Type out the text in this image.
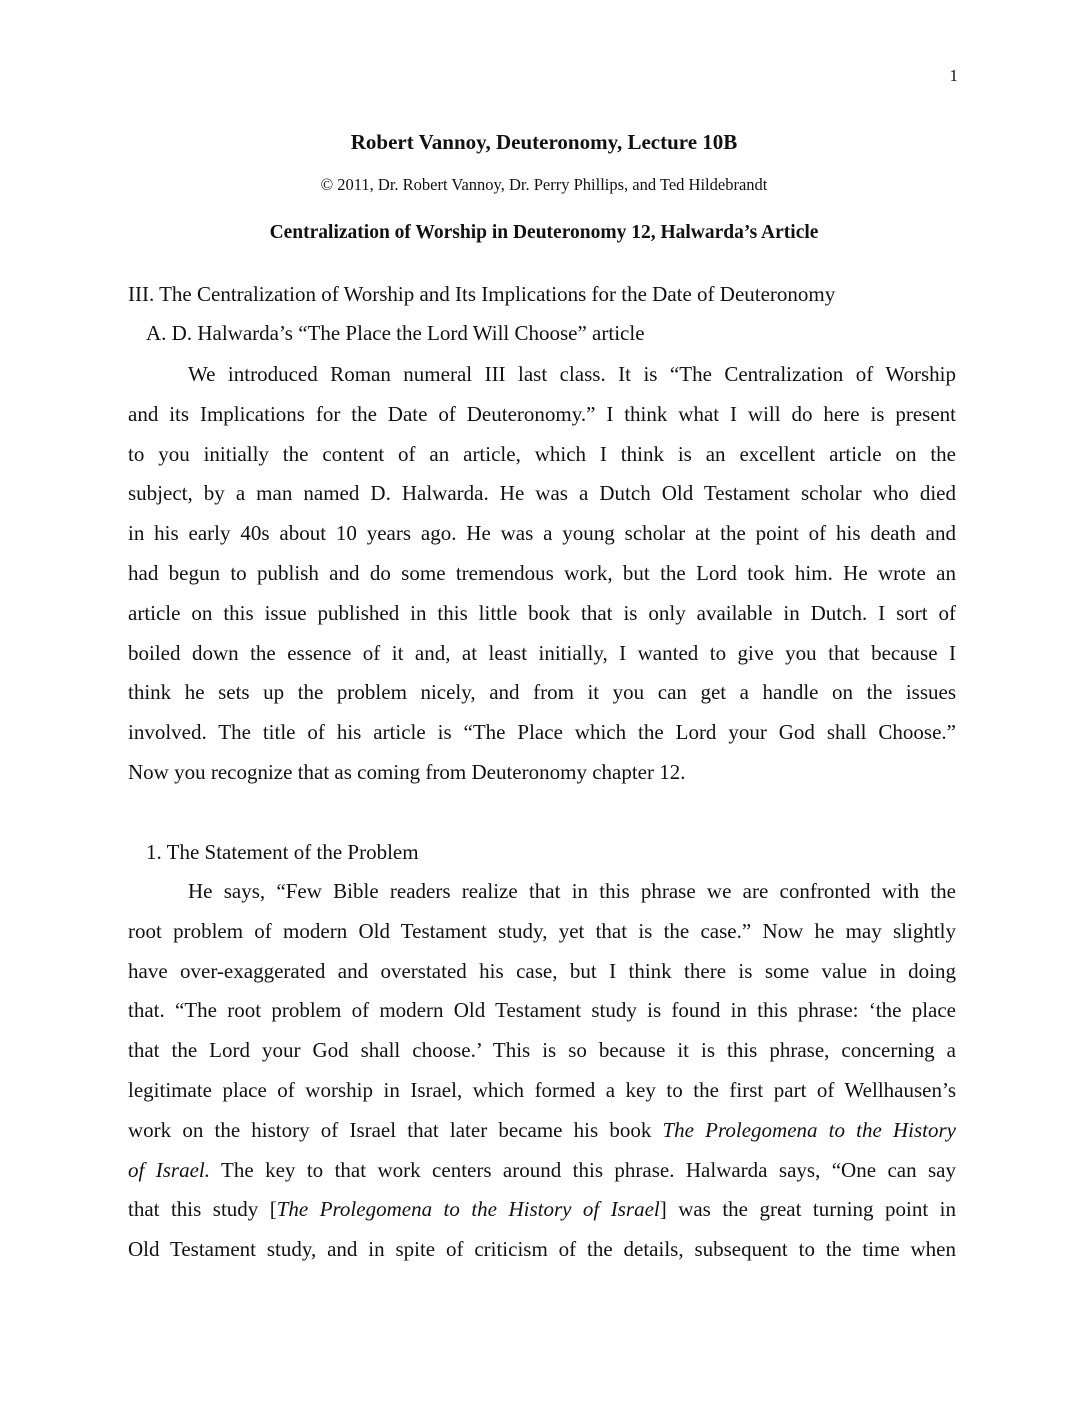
1
Robert Vannoy, Deuteronomy, Lecture 10B
© 2011, Dr. Robert Vannoy, Dr. Perry Phillips, and Ted Hildebrandt
Centralization of Worship in Deuteronomy 12, Halwarda’s Article
III. The Centralization of Worship and Its Implications for the Date of Deuteronomy
A. D. Halwarda’s “The Place the Lord Will Choose” article
1. The Statement of the Problem
We introduced Roman numeral III last class. It is “The Centralization of Worship
and its Implications for the Date of Deuteronomy.” I think what I will do here is present
to you initially the content of an article, which I think is an excellent article on the
subject, by a man named D. Halwarda. He was a Dutch Old Testament scholar who died
in his early 40s about 10 years ago. He was a young scholar at the point of his death and
had begun to publish and do some tremendous work, but the Lord took him. He wrote an
article on this issue published in this little book that is only available in Dutch. I sort of
boiled down the essence of it and, at least initially, I wanted to give you that because I
think he sets up the problem nicely, and from it you can get a handle on the issues
involved. The title of his article is “The Place which the Lord your God shall Choose.”
Now you recognize that as coming from Deuteronomy chapter 12.
He says, “Few Bible readers realize that in this phrase we are confronted with the
root problem of modern Old Testament study, yet that is the case.” Now he may slightly
have over-exaggerated and overstated his case, but I think there is some value in doing
that. “The root problem of modern Old Testament study is found in this phrase: ‘the place
that the Lord your God shall choose.’ This is so because it is this phrase, concerning a
legitimate place of worship in Israel, which formed a key to the first part of Wellhausen’s
work on the history of Israel that later became his book The Prolegomena to the History
of Israel. The key to that work centers around this phrase. Halwarda says, “One can say
that this study [The Prolegomena to the History of Israel] was the great turning point in
Old Testament study, and in spite of criticism of the details, subsequent to the time when
